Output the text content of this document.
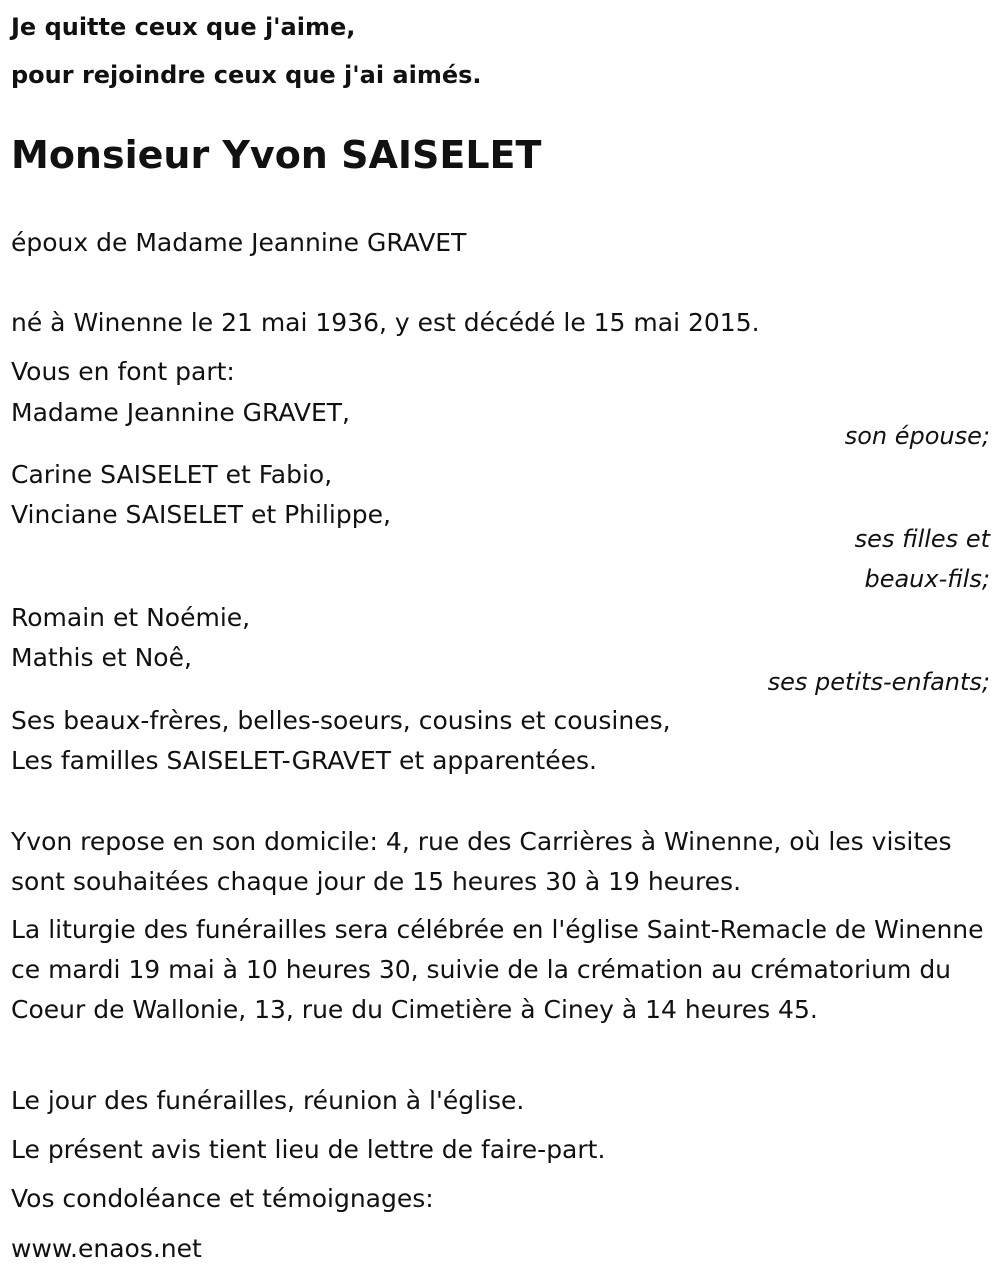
Je quitte ceux que j'aime,
pour rejoindre ceux que j'ai aimés.
Monsieur Yvon SAISELET
époux de Madame Jeannine GRAVET
né à Winenne le 21 mai 1936, y est décédé le 15 mai 2015.
Vous en font part:
Madame Jeannine GRAVET,
son épouse;
Carine SAISELET et Fabio,
Vinciane SAISELET et Philippe,
ses filles et
beaux-fils;
Romain et Noémie,
Mathis et Noê,
ses petits-enfants;
Ses beaux-frères, belles-soeurs, cousins et cousines,
Les familles SAISELET-GRAVET et apparentées.
Yvon repose en son domicile: 4, rue des Carrières à Winenne, où les visites sont souhaitées chaque jour de 15 heures 30 à 19 heures.
La liturgie des funérailles sera célébrée en l'église Saint-Remacle de Winenne ce mardi 19 mai à 10 heures 30, suivie de la crémation au crématorium du Coeur de Wallonie, 13, rue du Cimetière à Ciney à 14 heures 45.
Le jour des funérailles, réunion à l'église.
Le présent avis tient lieu de lettre de faire-part.
Vos condoléance et témoignages:
www.enaos.net
